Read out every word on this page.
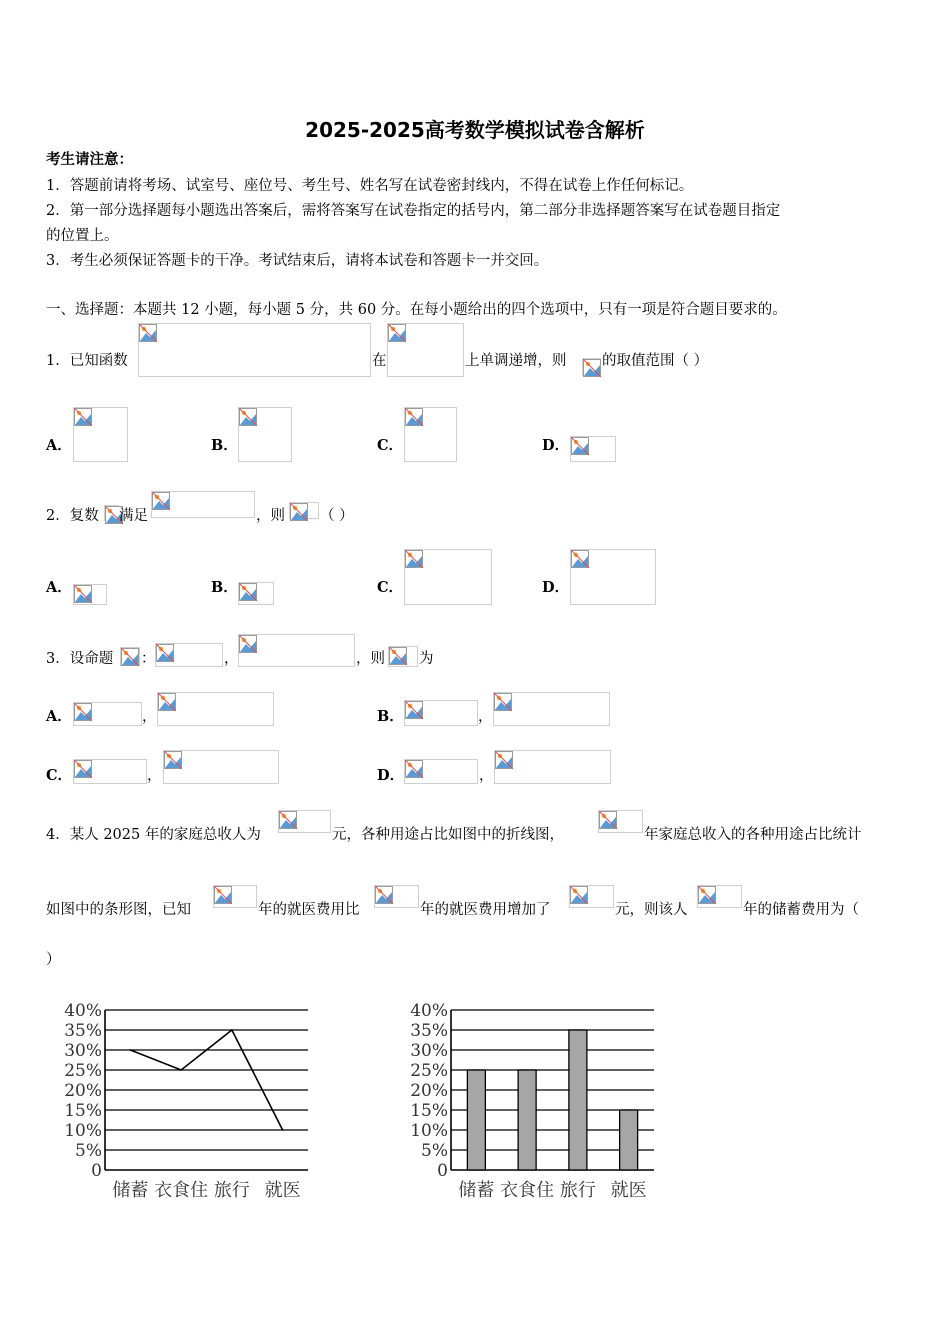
2025-2025高考数学模拟试卷含解析
考生请注意：
1．答题前请将考场、试室号、座位号、考生号、姓名写在试卷密封线内，不得在试卷上作任何标记。
2．第一部分选择题每小题选出答案后，需将答案写在试卷指定的括号内，第二部分非选择题答案写在试卷题目指定
的位置上。
3．考生必须保证答题卡的干净。考试结束后，请将本试卷和答题卡一并交回。
一、选择题：本题共 12 小题，每小题 5 分，共 60 分。在每小题给出的四个选项中，只有一项是符合题目要求的。
1．已知函数	在	上单调递增，则 的取值范围（ ）
A．	B．	C．	D．
2．复数 满足	，则 （ ）
A．	B．	C．	D．
3．设命题 ：	，	，则 为
A．	，	B．	，
C．	，	D．	，
4．某人 2025 年的家庭总收人为	元，各种用途占比如图中的折线图，	年家庭总收入的各种用途占比统计
如图中的条形图，已知	年的就医费用比	年的就医费用增加了	元，则该人	年的储蓄费用为（
）
40%
35%
30%
25%
20%
15%
10%
5%
0
储蓄 衣食住 旅行 就医
40%
35%
30%
25%
20%
15%
10%
5%
0
储蓄 衣食住 旅行 就医
